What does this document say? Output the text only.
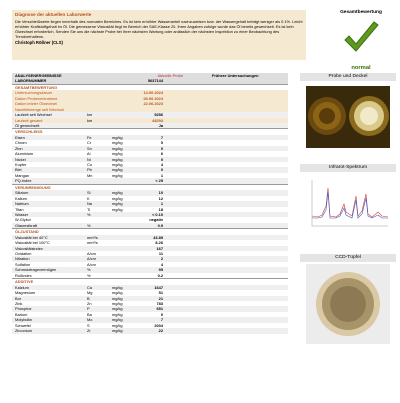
Diagnose der aktuellen Laborwerte
Die Verschleißwerte liegen innerhalb des normalen Bereiches. Es ist kein erhöhter Wasseranteil nachzuweisen bzw. der Wassergehalt beträgt weniger als 0.1%. Leicht erhöhter Kraftstoffgehalt im Öl. Die gemessene Viskosität liegt im Bereich der SAE-Klasse 20. Ihren Angaben zufolge wurde das Öl bereits gewechselt. Es ist kein Ölwechsel erforderlich. Senden Sie uns die nächste Probe bei Ihrer nächsten Wartung oder anlässlich der nächsten Inspektion zu einer Beobachtung des Trendverhaltens.
Christoph Rößner (CLS)
Gesamtbewertung
normal
ANALYSENERGEBNISSE	Aktuelle Probe	Frühere Untersuchungen
LABORNUMMER	5637144
GESAMTBEWERTUNG
Untersuchungsdatum	14.06.2024
Datum Probenentnahme	06.06.2024
Datum letzter Ölwechsel	22.06.2023
Nachfüllmenge seit Wechsel
Laufzeit seit Wechsel	km	9256
Laufzeit gesamt	km	48293
Öl gewechselt	Ja
VERSCHLEISS
Eisen	Fe	mg/kg	7
Chrom	Cr	mg/kg	0
Zinn	Sn	mg/kg	0
Aluminium	Al	mg/kg	6
Nickel	Ni	mg/kg	0
Kupfer	Cu	mg/kg	4
Blei	Pb	mg/kg	0
Mangan	Mn	mg/kg	1
PQ-Index	< 25
VERUNREINIGUNG
Silizium	Si	mg/kg	10
Kalium	K	mg/kg	12
Natrium	Na	mg/kg	1
Titan	Ti	mg/kg	18
Wasser	%	< 0.10
W-Glykol	negativ
Glasrestkraft	%	0.9
ÖLZUSTAND
Viskosität bei 40°C	mm²/s	43.89
Viskosität bei 100°C	mm²/s	8.26
Viskositätsindex	167
Oxidation	A/cm	11
Nitration	A/cm	2
Sulfation	A/cm	4
Schmutztragevermögen	%	95
Rußindex	%	0.2
ADDITIVE
Kalzium	Ca	mg/kg	1647
Magnesium	Mg	mg/kg	51
Bor	B	mg/kg	21
Zink	Zn	mg/kg	783
Phosphor	P	mg/kg	651
Barium	Ba	mg/kg	0
Molybdän	Mo	mg/kg	7
Schwefel	S	mg/kg	2034
Zirconium	Zr	mg/kg	22
Probe und Deckel
Infrarot-Spektrum
CCD-Tüpfel
